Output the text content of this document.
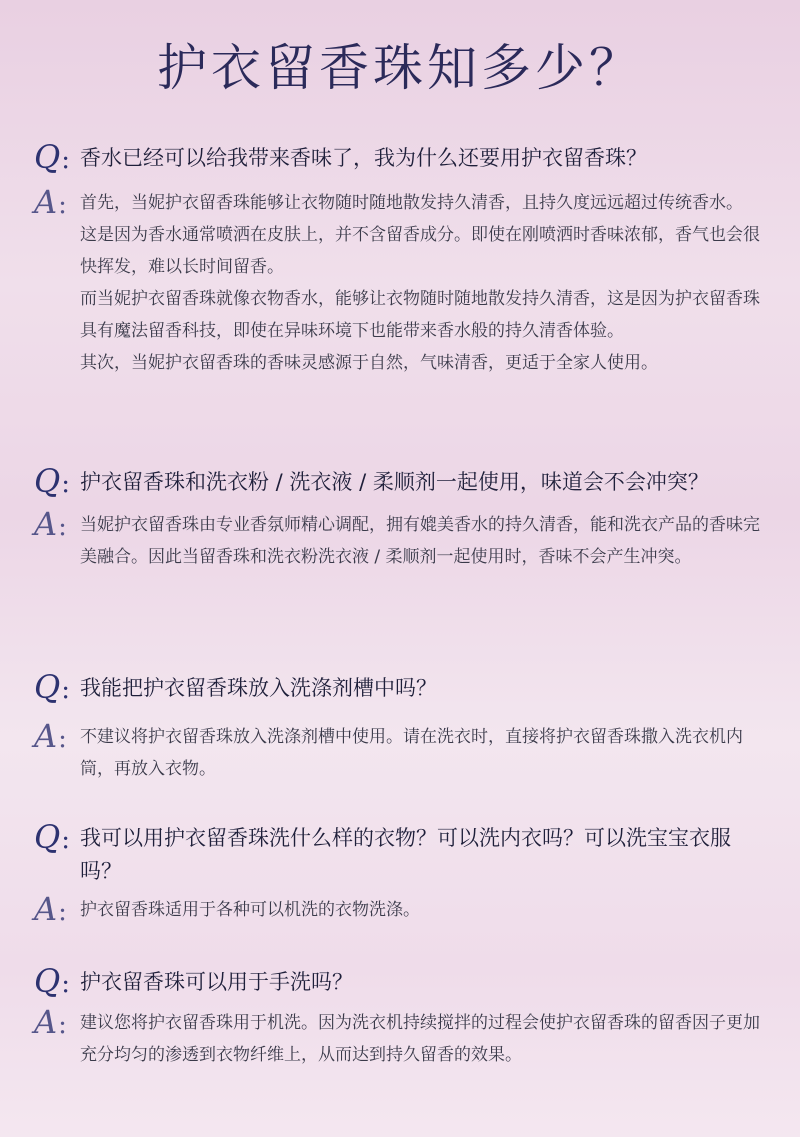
护衣留香珠知多少？
Q: 香水已经可以给我带来香味了，我为什么还要用护衣留香珠？
A: 首先，当妮护衣留香珠能够让衣物随时随地散发持久清香，且持久度远远超过传统香水。

这是因为香水通常喷洒在皮肤上，并不含留香成分。即使在刚喷洒时香味浓郁，香气也会很快挥发，难以长时间留香。

而当妮护衣留香珠就像衣物香水，能够让衣物随时随地散发持久清香，这是因为护衣留香珠具有魔法留香科技，即使在异味环境下也能带来香水般的持久清香体验。

其次，当妮护衣留香珠的香味灵感源于自然，气味清香，更适于全家人使用。

Q: 护衣留香珠和洗衣粉 / 洗衣液 / 柔顺剂一起使用，味道会不会冲突？
A: 当妮护衣留香珠由专业香氛师精心调配，拥有媲美香水的持久清香，能和洗衣产品的香味完美融合。因此当留香珠和洗衣粉洗衣液 / 柔顺剂一起使用时，香味不会产生冲突。

Q: 我能把护衣留香珠放入洗涤剂槽中吗？
A: 不建议将护衣留香珠放入洗涤剂槽中使用。请在洗衣时，直接将护衣留香珠撒入洗衣机内筒，再放入衣物。

Q: 我可以用护衣留香珠洗什么样的衣物？可以洗内衣吗？可以洗宝宝衣服吗？
A: 护衣留香珠适用于各种可以机洗的衣物洗涤。

Q: 护衣留香珠可以用于手洗吗？
A: 建议您将护衣留香珠用于机洗。因为洗衣机持续搅拌的过程会使护衣留香珠的留香因子更加充分均匀的渗透到衣物纤维上，从而达到持久留香的效果。
